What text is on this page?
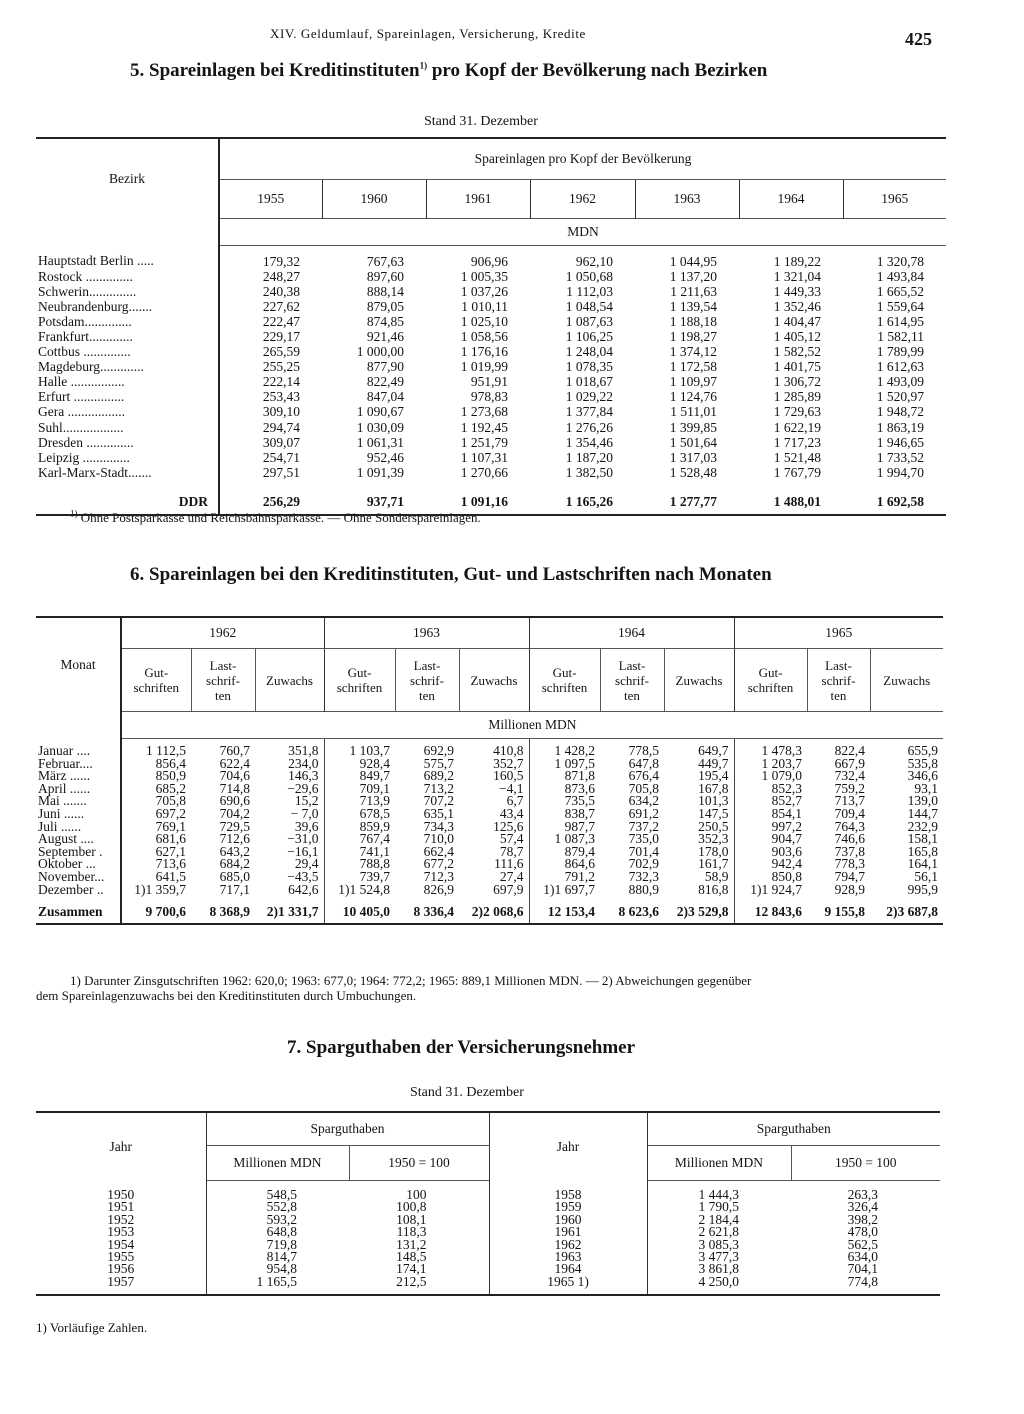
XIV. Geldumlauf, Spareinlagen, Versicherung, Kredite	425
5. Spareinlagen bei Kreditinstituten$^{1)}$ pro Kopf der Bevölkerung nach Bezirken
Stand 31. Dezember
Bezirk	Spareinlagen pro Kopf der Bevölkerung						
	1955	1960	1961	1962	1963	1964	1965
	MDN						
Hauptstadt Berlin .....	179,32	767,63	906,96	962,10	1 044,95	1 189,22	1 320,78
Rostock ..............	248,27	897,60	1 005,35	1 050,68	1 137,20	1 321,04	1 493,84
Schwerin..............	240,38	888,14	1 037,26	1 112,03	1 211,63	1 449,33	1 665,52
Neubrandenburg.......	227,62	879,05	1 010,11	1 048,54	1 139,54	1 352,46	1 559,64
Potsdam..............	222,47	874,85	1 025,10	1 087,63	1 188,18	1 404,47	1 614,95
Frankfurt.............	229,17	921,46	1 058,56	1 106,25	1 198,27	1 405,12	1 582,11
Cottbus ..............	265,59	1 000,00	1 176,16	1 248,04	1 374,12	1 582,52	1 789,99
Magdeburg.............	255,25	877,90	1 019,99	1 078,35	1 172,58	1 401,75	1 612,63
Halle ................	222,14	822,49	951,91	1 018,67	1 109,97	1 306,72	1 493,09
Erfurt ...............	253,43	847,04	978,83	1 029,22	1 124,76	1 285,89	1 520,97
Gera .................	309,10	1 090,67	1 273,68	1 377,84	1 511,01	1 729,63	1 948,72
Suhl..................	294,74	1 030,09	1 192,45	1 276,26	1 399,85	1 622,19	1 863,19
Dresden ..............	309,07	1 061,31	1 251,79	1 354,46	1 501,64	1 717,23	1 946,65
Leipzig ..............	254,71	952,46	1 107,31	1 187,20	1 317,03	1 521,48	1 733,52
Karl-Marx-Stadt.......	297,51	1 091,39	1 270,66	1 382,50	1 528,48	1 767,79	1 994,70
DDR	256,29	937,71	1 091,16	1 165,26	1 277,77	1 488,01	1 692,58
$^{1)}$ Ohne Postsparkasse und Reichsbahnsparkasse. — Ohne Sonderspareinlagen.
6. Spareinlagen bei den Kreditinstituten, Gut- und Lastschriften nach Monaten
Monat	1962			1963			1964			1965		
	Gut-
schriften	Last-
schrif-
ten	Zuwachs	Gut-
schriften	Last-
schrif-
ten	Zuwachs	Gut-
schriften	Last-
schrif-
ten	Zuwachs	Gut-
schriften	Last-
schrif-
ten	Zuwachs
	Millionen MDN											
Januar ....	1 112,5	760,7	351,8	1 103,7	692,9	410,8	1 428,2	778,5	649,7	1 478,3	822,4	655,9
Februar....	856,4	622,4	234,0	928,4	575,7	352,7	1 097,5	647,8	449,7	1 203,7	667,9	535,8
März ......	850,9	704,6	146,3	849,7	689,2	160,5	871,8	676,4	195,4	1 079,0	732,4	346,6
April ......	685,2	714,8	−29,6	709,1	713,2	−4,1	873,6	705,8	167,8	852,3	759,2	93,1
Mai .......	705,8	690,6	15,2	713,9	707,2	6,7	735,5	634,2	101,3	852,7	713,7	139,0
Juni ......	697,2	704,2	− 7,0	678,5	635,1	43,4	838,7	691,2	147,5	854,1	709,4	144,7
Juli ......	769,1	729,5	39,6	859,9	734,3	125,6	987,7	737,2	250,5	997,2	764,3	232,9
August ....	681,6	712,6	−31,0	767,4	710,0	57,4	1 087,3	735,0	352,3	904,7	746,6	158,1
September .	627,1	643,2	−16,1	741,1	662,4	78,7	879,4	701,4	178,0	903,6	737,8	165,8
Oktober ...	713,6	684,2	29,4	788,8	677,2	111,6	864,6	702,9	161,7	942,4	778,3	164,1
November...	641,5	685,0	−43,5	739,7	712,3	27,4	791,2	732,3	58,9	850,8	794,7	56,1
Dezember ..	1)1 359,7	717,1	642,6	1)1 524,8	826,9	697,9	1)1 697,7	880,9	816,8	1)1 924,7	928,9	995,9
Zusammen	9 700,6	8 368,9	2)1 331,7	10 405,0	8 336,4	2)2 068,6	12 153,4	8 623,6	2)3 529,8	12 843,6	9 155,8	2)3 687,8
1) Darunter Zinsgutschriften 1962: 620,0; 1963: 677,0; 1964: 772,2; 1965: 889,1 Millionen MDN. — 2) Abweichungen gegenüber
dem Spareinlagenzuwachs bei den Kreditinstituten durch Umbuchungen.
7. Sparguthaben der Versicherungsnehmer
Stand 31. Dezember
Jahr	Sparguthaben		Jahr	Sparguthaben	
	Millionen MDN	1950 = 100		Millionen MDN	1950 = 100
1950	548,5	100	1958	1 444,3	263,3
1951	552,8	100,8	1959	1 790,5	326,4
1952	593,2	108,1	1960	2 184,4	398,2
1953	648,8	118,3	1961	2 621,8	478,0
1954	719,8	131,2	1962	3 085,3	562,5
1955	814,7	148,5	1963	3 477,3	634,0
1956	954,8	174,1	1964	3 861,8	704,1
1957	1 165,5	212,5	1965 1)	4 250,0	774,8
1) Vorläufige Zahlen.
